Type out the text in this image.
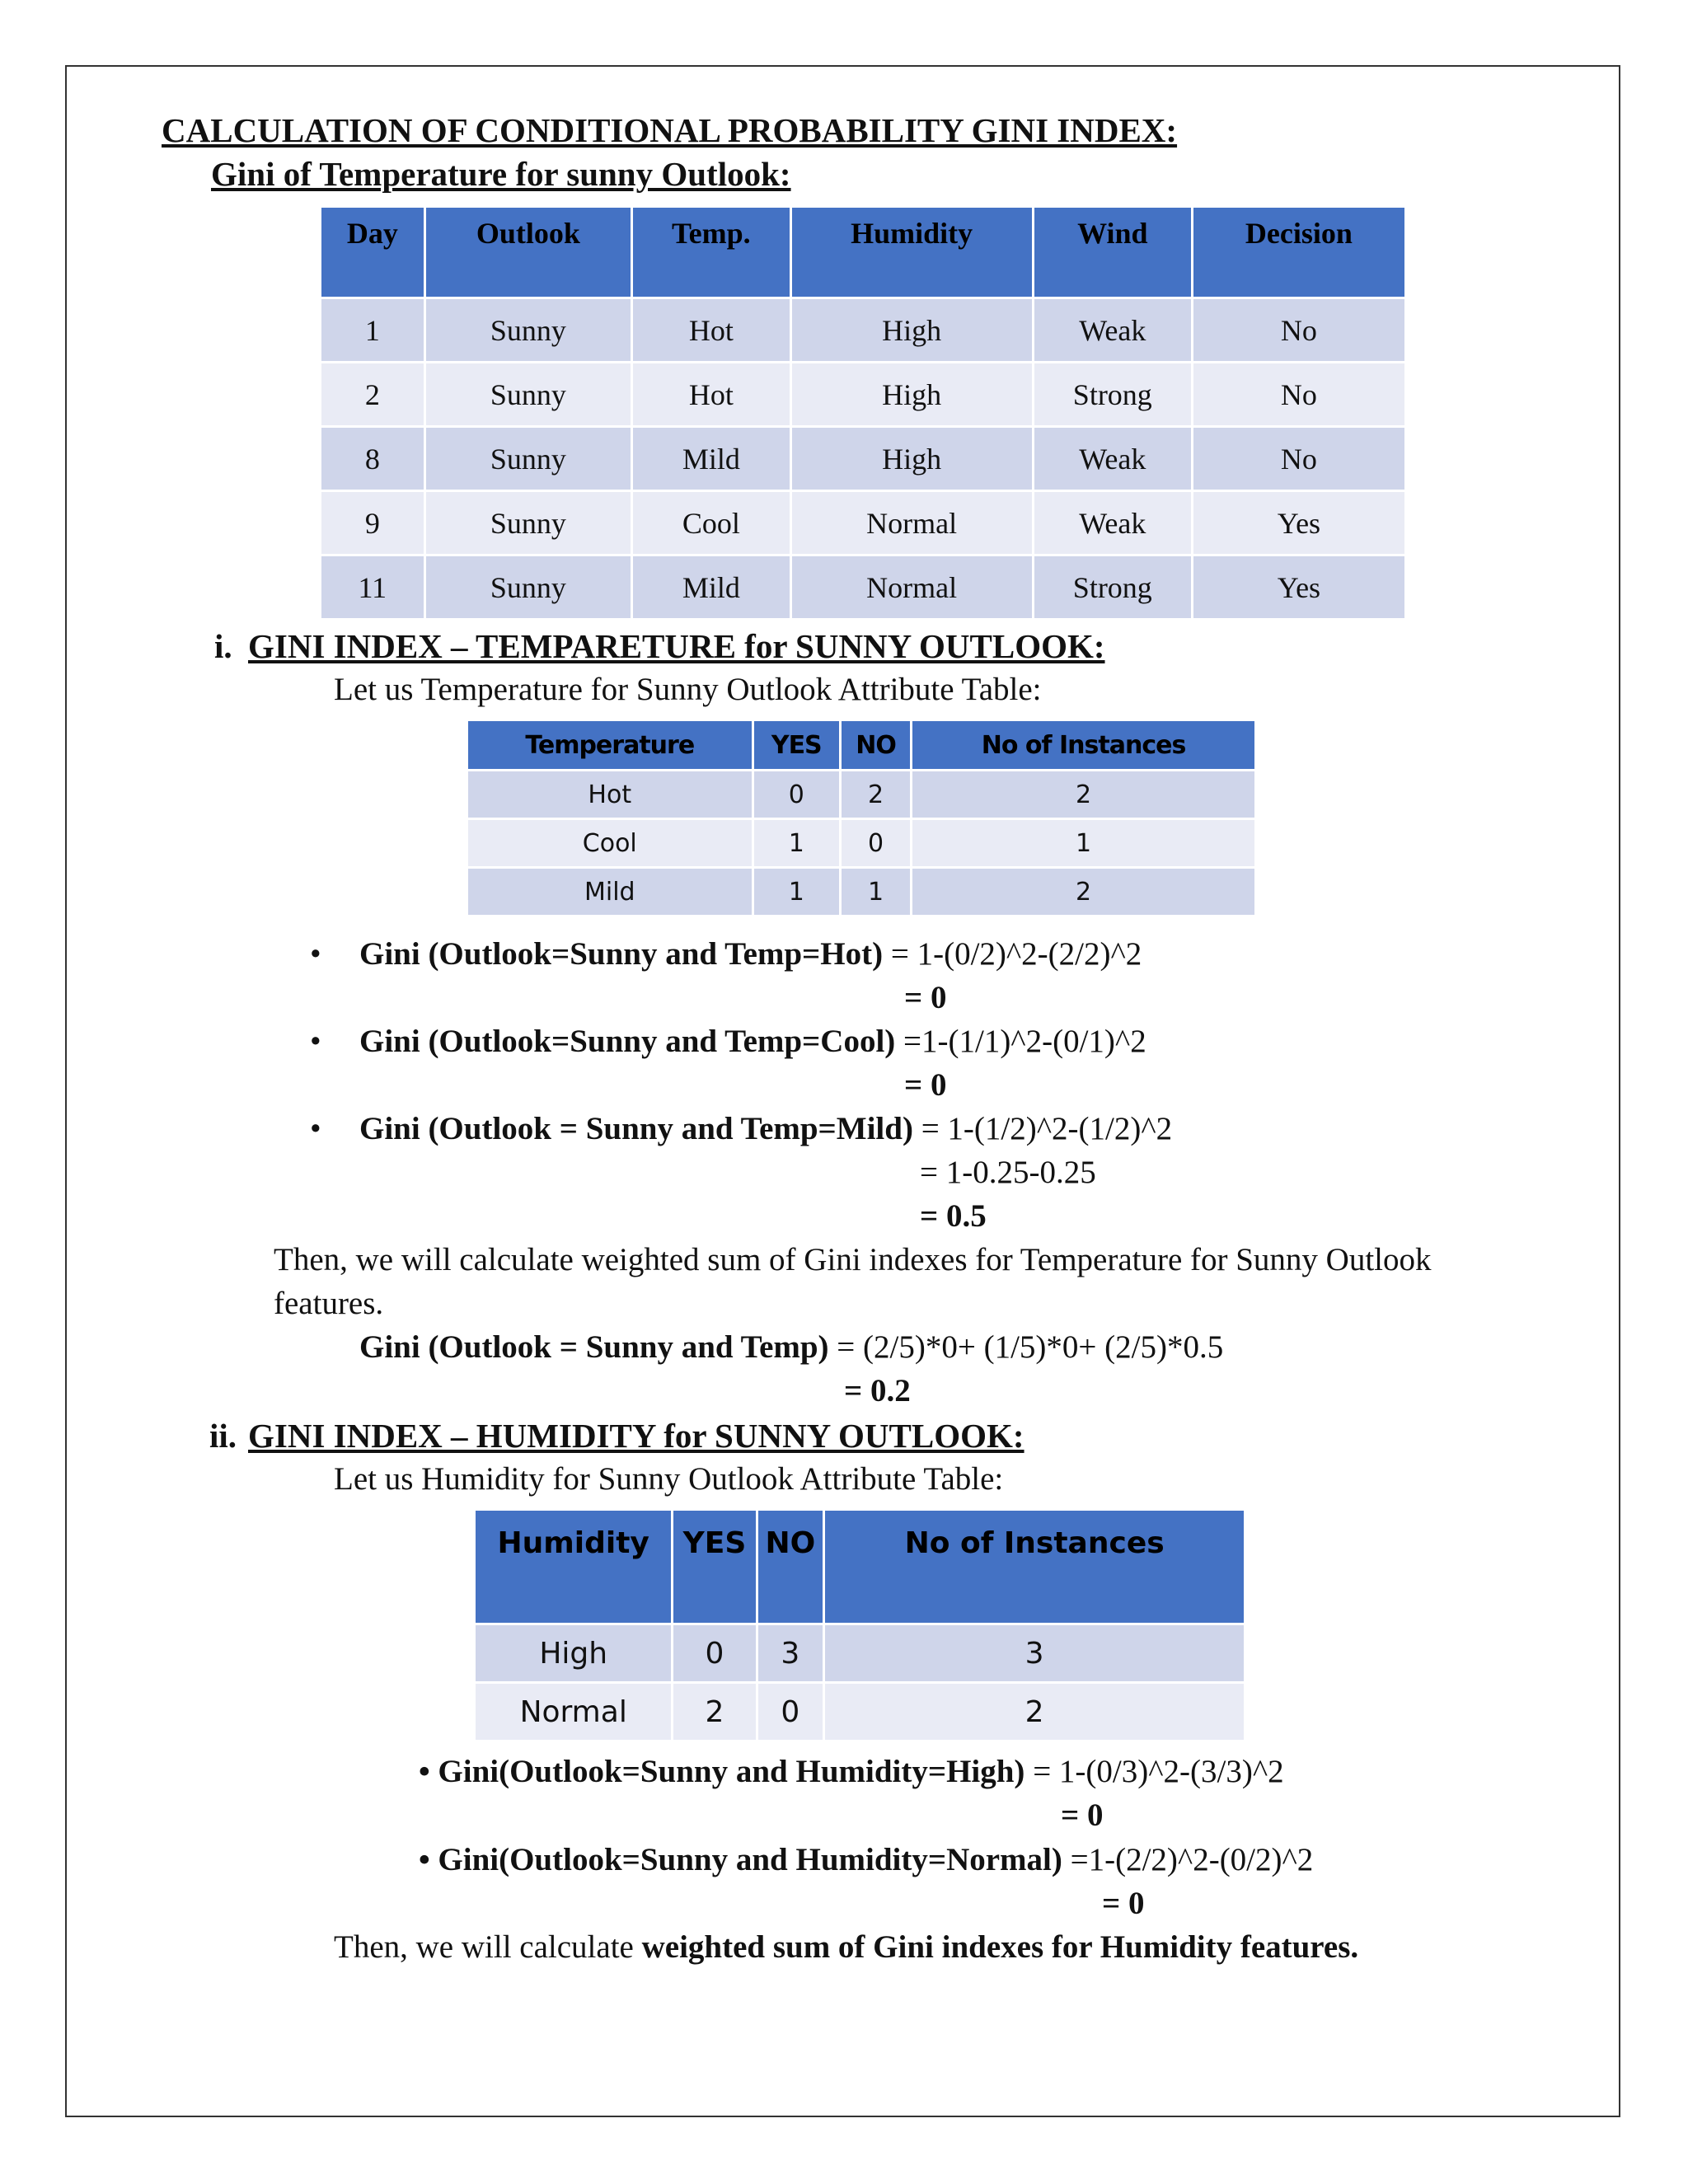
CALCULATION OF CONDITIONAL PROBABILITY GINI INDEX:
Gini of Temperature for sunny Outlook:
Day	Outlook	Temp.	Humidity	Wind	Decision
1	Sunny	Hot	High	Weak	No
2	Sunny	Hot	High	Strong	No
8	Sunny	Mild	High	Weak	No
9	Sunny	Cool	Normal	Weak	Yes
11	Sunny	Mild	Normal	Strong	Yes
i. GINI INDEX – TEMPARETURE for SUNNY OUTLOOK:
Let us Temperature for Sunny Outlook Attribute Table:
Temperature	YES	NO	No of Instances
Hot	0	2	2
Cool	1	0	1
Mild	1	1	2
• Gini (Outlook=Sunny and Temp=Hot) = 1-(0/2)^2-(2/2)^2
= 0
• Gini (Outlook=Sunny and Temp=Cool) =1-(1/1)^2-(0/1)^2
= 0
• Gini (Outlook = Sunny and Temp=Mild) = 1-(1/2)^2-(1/2)^2
= 1-0.25-0.25
= 0.5
Then, we will calculate weighted sum of Gini indexes for Temperature for Sunny Outlook
features.
Gini (Outlook = Sunny and Temp) = (2/5)*0+ (1/5)*0+ (2/5)*0.5
= 0.2
ii. GINI INDEX – HUMIDITY for SUNNY OUTLOOK:
Let us Humidity for Sunny Outlook Attribute Table:
Humidity	YES	NO	No of Instances
High	0	3	3
Normal	2	0	2
• Gini(Outlook=Sunny and Humidity=High) = 1-(0/3)^2-(3/3)^2
= 0
• Gini(Outlook=Sunny and Humidity=Normal) =1-(2/2)^2-(0/2)^2
= 0
Then, we will calculate weighted sum of Gini indexes for Humidity features.
